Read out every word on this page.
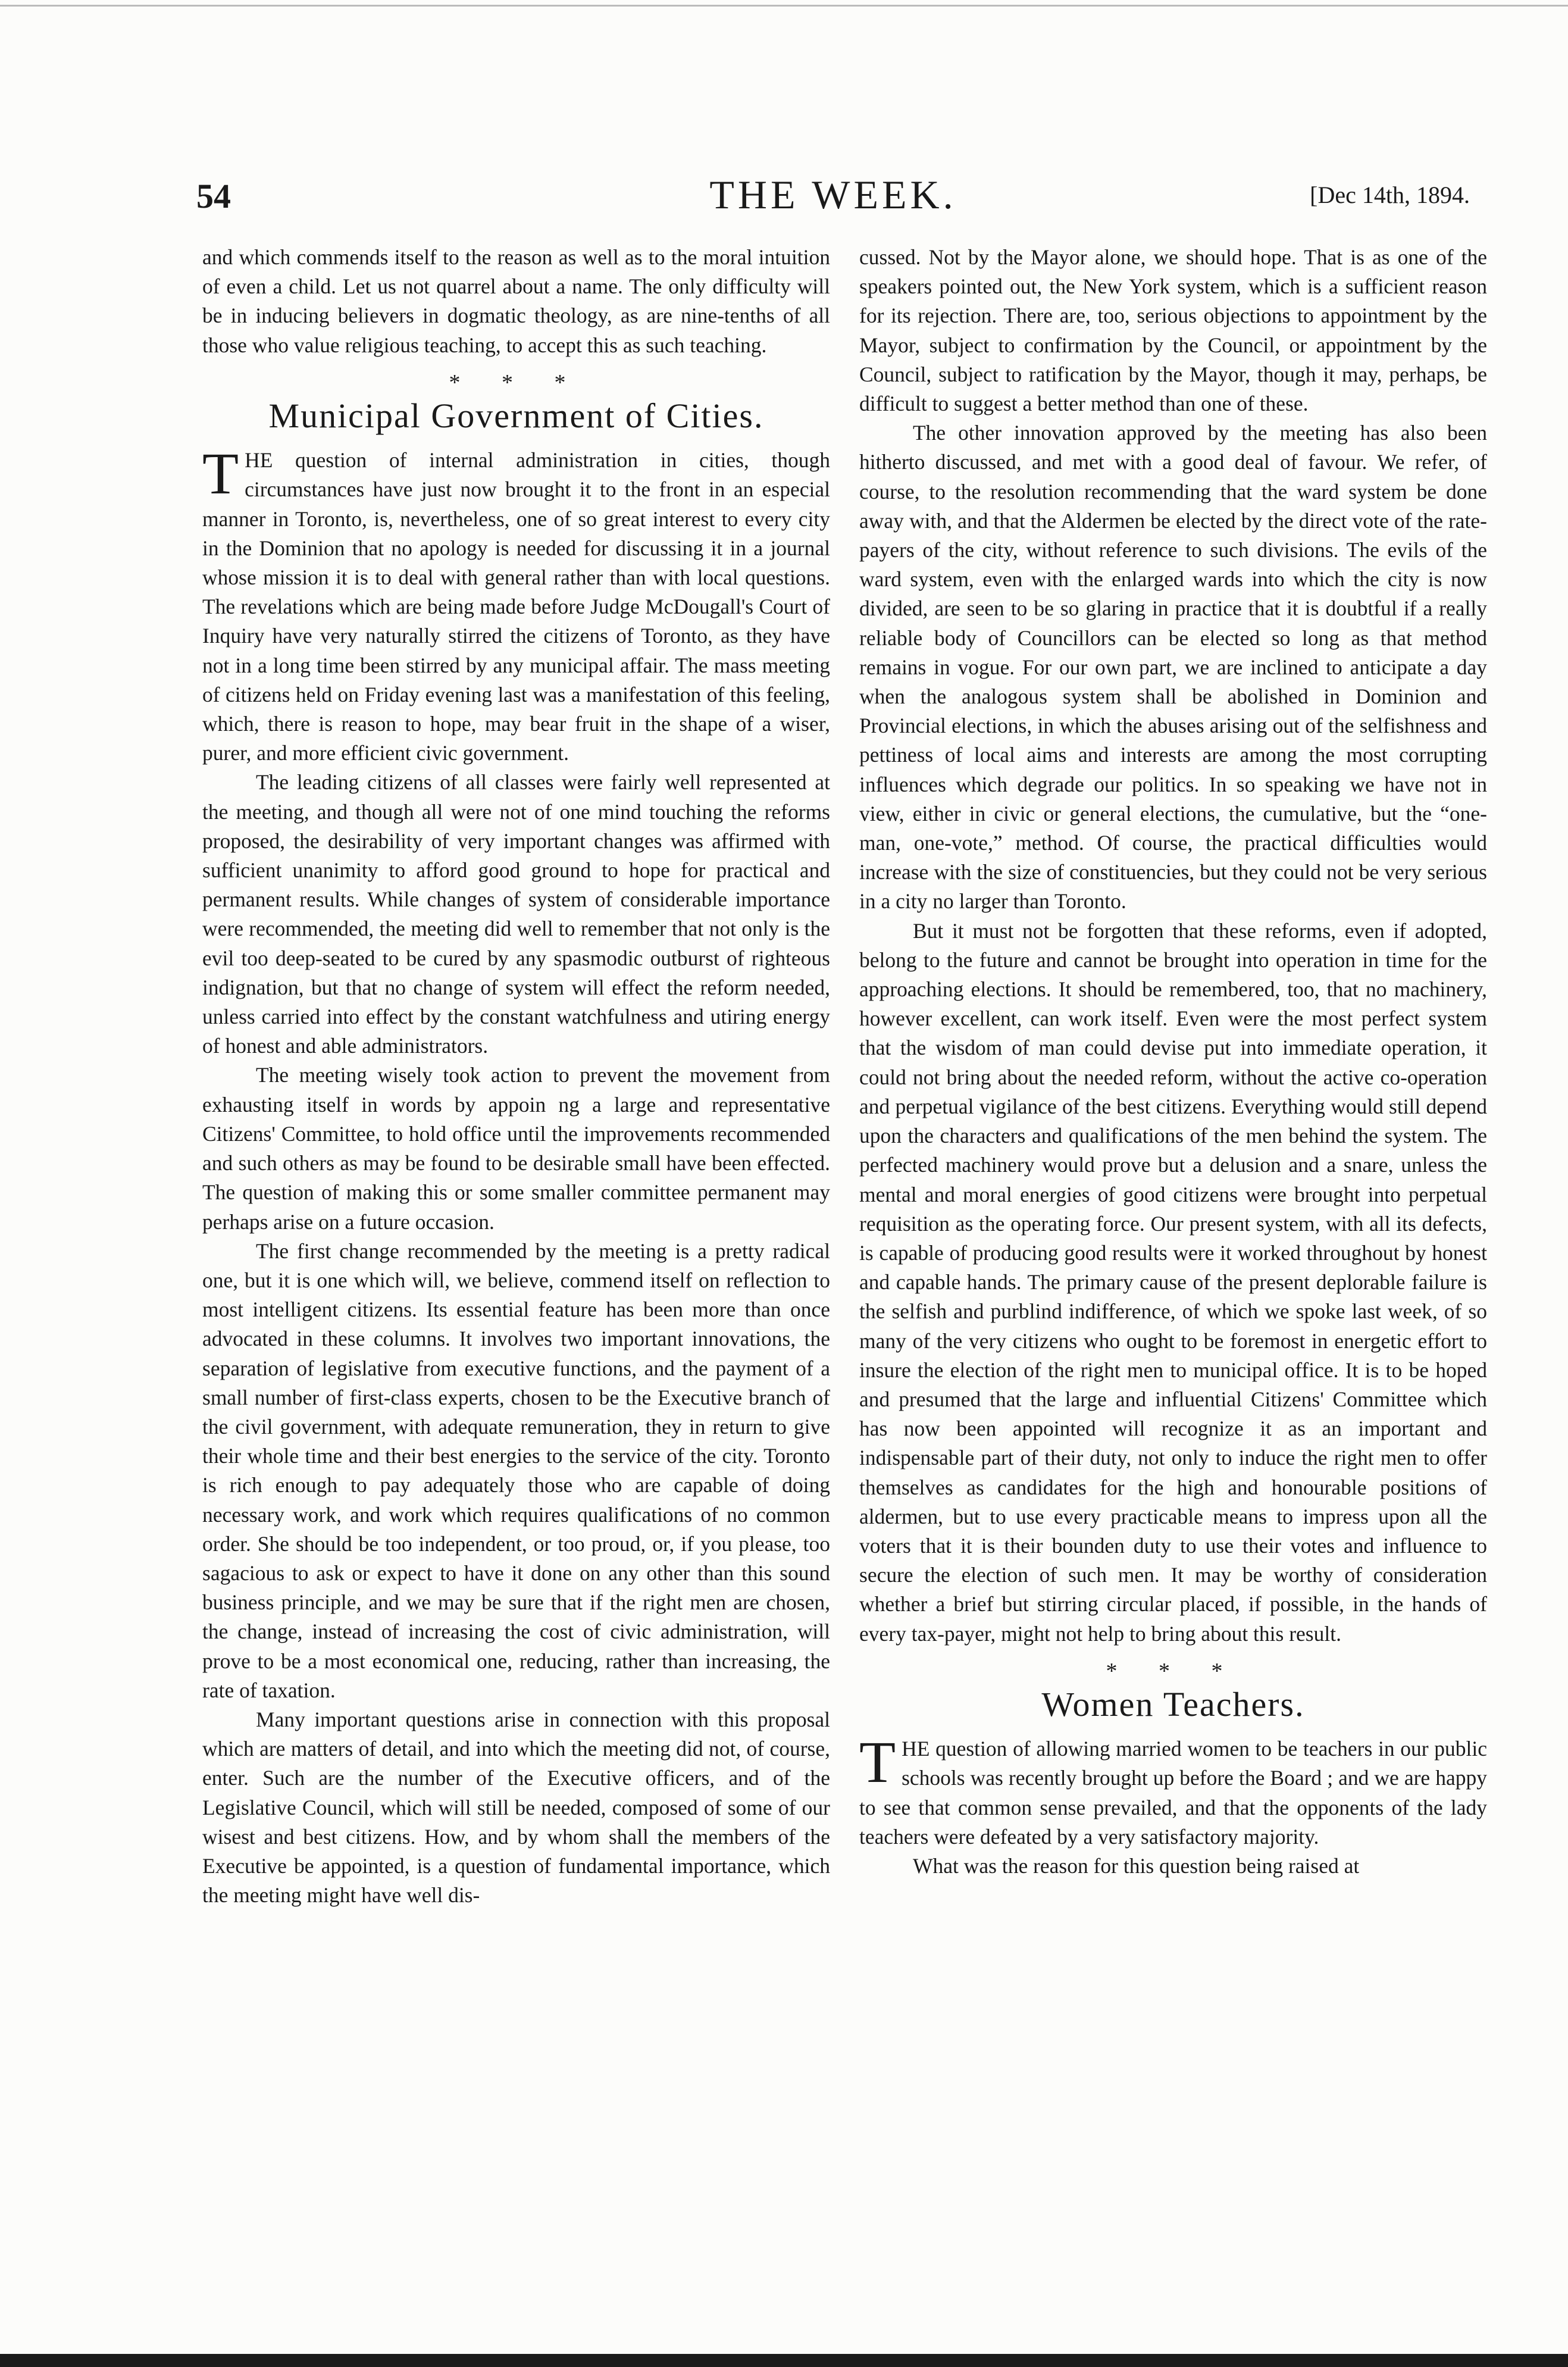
54	THE WEEK.	[Dec 14th, 1894.

and which commends itself to the reason as well as to the moral intuition of even a child. Let us not quarrel about a name. The only difficulty will be in inducing believers in dogmatic theology, as are nine-tenths of all those who value religious teaching, to accept this as such teaching.

* * *
Municipal Government of Cities.

THE question of internal administration in cities, though circumstances have just now brought it to the front in an especial manner in Toronto, is, nevertheless, one of so great interest to every city in the Dominion that no apology is needed for discussing it in a journal whose mission it is to deal with general rather than with local questions. The revelations which are being made before Judge McDougall's Court of Inquiry have very naturally stirred the citizens of Toronto, as they have not in a long time been stirred by any municipal affair. The mass meeting of citizens held on Friday evening last was a manifestation of this feeling, which, there is reason to hope, may bear fruit in the shape of a wiser, purer, and more efficient civic government.

The leading citizens of all classes were fairly well represented at the meeting, and though all were not of one mind touching the reforms proposed, the desirability of very important changes was affirmed with sufficient unanimity to afford good ground to hope for practical and permanent results. While changes of system of considerable importance were recommended, the meeting did well to remember that not only is the evil too deep-seated to be cured by any spasmodic outburst of righteous indignation, but that no change of system will effect the reform needed, unless carried into effect by the constant watchfulness and utiring energy of honest and able administrators.

The meeting wisely took action to prevent the movement from exhausting itself in words by appoin ng a large and representative Citizens' Committee, to hold office until the improvements recommended and such others as may be found to be desirable small have been effected. The question of making this or some smaller committee permanent may perhaps arise on a future occasion.

The first change recommended by the meeting is a pretty radical one, but it is one which will, we believe, commend itself on reflection to most intelligent citizens. Its essential feature has been more than once advocated in these columns. It involves two important innovations, the separation of legislative from executive functions, and the payment of a small number of first-class experts, chosen to be the Executive branch of the civil government, with adequate remuneration, they in return to give their whole time and their best energies to the service of the city. Toronto is rich enough to pay adequately those who are capable of doing necessary work, and work which requires qualifications of no common order. She should be too independent, or too proud, or, if you please, too sagacious to ask or expect to have it done on any other than this sound business principle, and we may be sure that if the right men are chosen, the change, instead of increasing the cost of civic administration, will prove to be a most economical one, reducing, rather than increasing, the rate of taxation.

Many important questions arise in connection with this proposal which are matters of detail, and into which the meeting did not, of course, enter. Such are the number of the Executive officers, and of the Legislative Council, which will still be needed, composed of some of our wisest and best citizens. How, and by whom shall the members of the Executive be appointed, is a question of fundamental importance, which the meeting might have well dis-

cussed. Not by the Mayor alone, we should hope. That is as one of the speakers pointed out, the New York system, which is a sufficient reason for its rejection. There are, too, serious objections to appointment by the Mayor, subject to confirmation by the Council, or appointment by the Council, subject to ratification by the Mayor, though it may, perhaps, be difficult to suggest a better method than one of these.

The other innovation approved by the meeting has also been hitherto discussed, and met with a good deal of favour. We refer, of course, to the resolution recommending that the ward system be done away with, and that the Aldermen be elected by the direct vote of the rate-payers of the city, without reference to such divisions. The evils of the ward system, even with the enlarged wards into which the city is now divided, are seen to be so glaring in practice that it is doubtful if a really reliable body of Councillors can be elected so long as that method remains in vogue. For our own part, we are inclined to anticipate a day when the analogous system shall be abolished in Dominion and Provincial elections, in which the abuses arising out of the selfishness and pettiness of local aims and interests are among the most corrupting influences which degrade our politics. In so speaking we have not in view, either in civic or general elections, the cumulative, but the “one-man, one-vote,” method. Of course, the practical difficulties would increase with the size of constituencies, but they could not be very serious in a city no larger than Toronto.

But it must not be forgotten that these reforms, even if adopted, belong to the future and cannot be brought into operation in time for the approaching elections. It should be remembered, too, that no machinery, however excellent, can work itself. Even were the most perfect system that the wisdom of man could devise put into immediate operation, it could not bring about the needed reform, without the active co-operation and perpetual vigilance of the best citizens. Everything would still depend upon the characters and qualifications of the men behind the system. The perfected machinery would prove but a delusion and a snare, unless the mental and moral energies of good citizens were brought into perpetual requisition as the operating force. Our present system, with all its defects, is capable of producing good results were it worked throughout by honest and capable hands. The primary cause of the present deplorable failure is the selfish and purblind indifference, of which we spoke last week, of so many of the very citizens who ought to be foremost in energetic effort to insure the election of the right men to municipal office. It is to be hoped and presumed that the large and influential Citizens' Committee which has now been appointed will recognize it as an important and indispensable part of their duty, not only to induce the right men to offer themselves as candidates for the high and honourable positions of aldermen, but to use every practicable means to impress upon all the voters that it is their bounden duty to use their votes and influence to secure the election of such men. It may be worthy of consideration whether a brief but stirring circular placed, if possible, in the hands of every tax-payer, might not help to bring about this result.

* * *
Women Teachers.

THE question of allowing married women to be teachers in our public schools was recently brought up before the Board ; and we are happy to see that common sense prevailed, and that the opponents of the lady teachers were defeated by a very satisfactory majority.

What was the reason for this question being raised at
